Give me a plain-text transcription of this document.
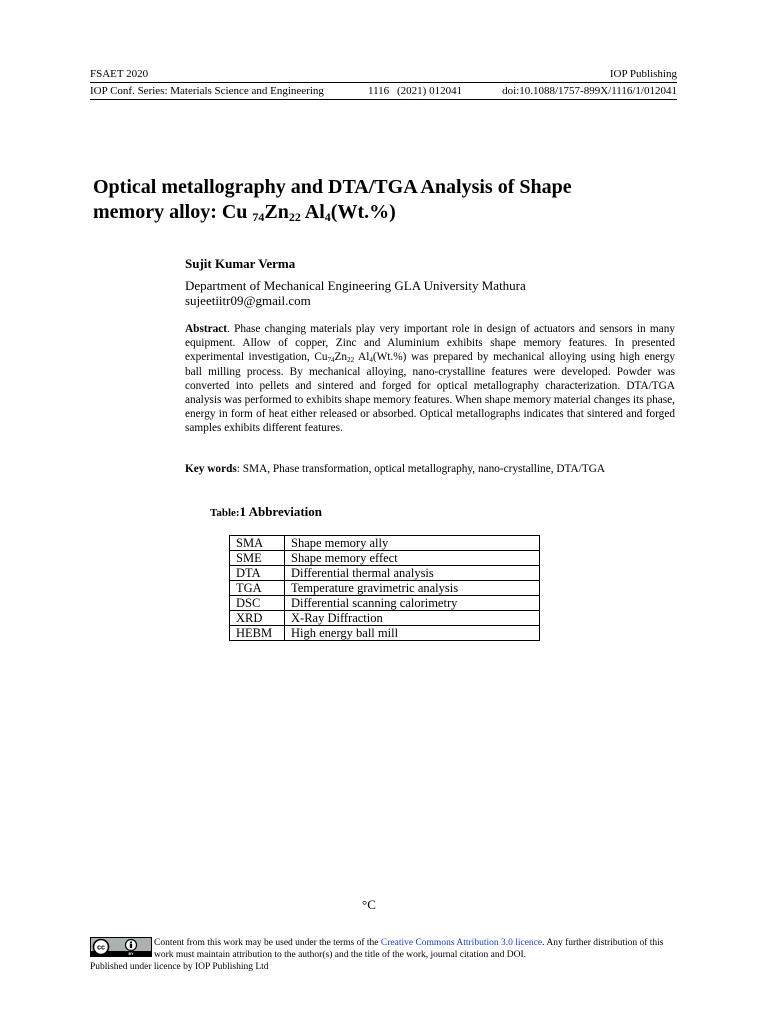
FSAET 2020	IOP Publishing
IOP Conf. Series: Materials Science and Engineering	1116 (2021) 012041	doi:10.1088/1757-899X/1116/1/012041
Optical metallography and DTA/TGA Analysis of Shape
memory alloy: Cu $_{74}Zn_{22}$ $Al_4(Wt.\%)$
Sujit Kumar Verma
Department of Mechanical Engineering GLA University Mathura
sujeetiitr09@gmail.com
Abstract. Phase changing materials play very important role in design of actuators and sensors in many equipment. Allow of copper, Zinc and Aluminium exhibits shape memory features. In presented experimental investigation, $Cu_{74}Zn_{22}$ $Al_4(Wt.\%)$ was prepared by mechanical alloying using high energy ball milling process. By mechanical alloying, nano-crystalline features were developed. Powder was converted into pellets and sintered and forged for optical metallography characterization. DTA/TGA analysis was performed to exhibits shape memory features. When shape memory material changes its phase, energy in form of heat either released or absorbed. Optical metallographs indicates that sintered and forged samples exhibits different features.
Key words: SMA, Phase transformation, optical metallography, nano-crystalline, DTA/TGA
Table:1 Abbreviation
SMA	Shape memory ally
SME	Shape memory effect
DTA	Differential thermal analysis
TGA	Temperature gravimetric analysis
DSC	Differential scanning calorimetry
XRD	X-Ray Diffraction
HEBM	High energy ball mill
°C
cc
BY
Content from this work may be used under the terms of the Creative Commons Attribution 3.0 licence. Any further distribution of this work must maintain attribution to the author(s) and the title of the work, journal citation and DOI.
Published under licence by IOP Publishing Ltd
